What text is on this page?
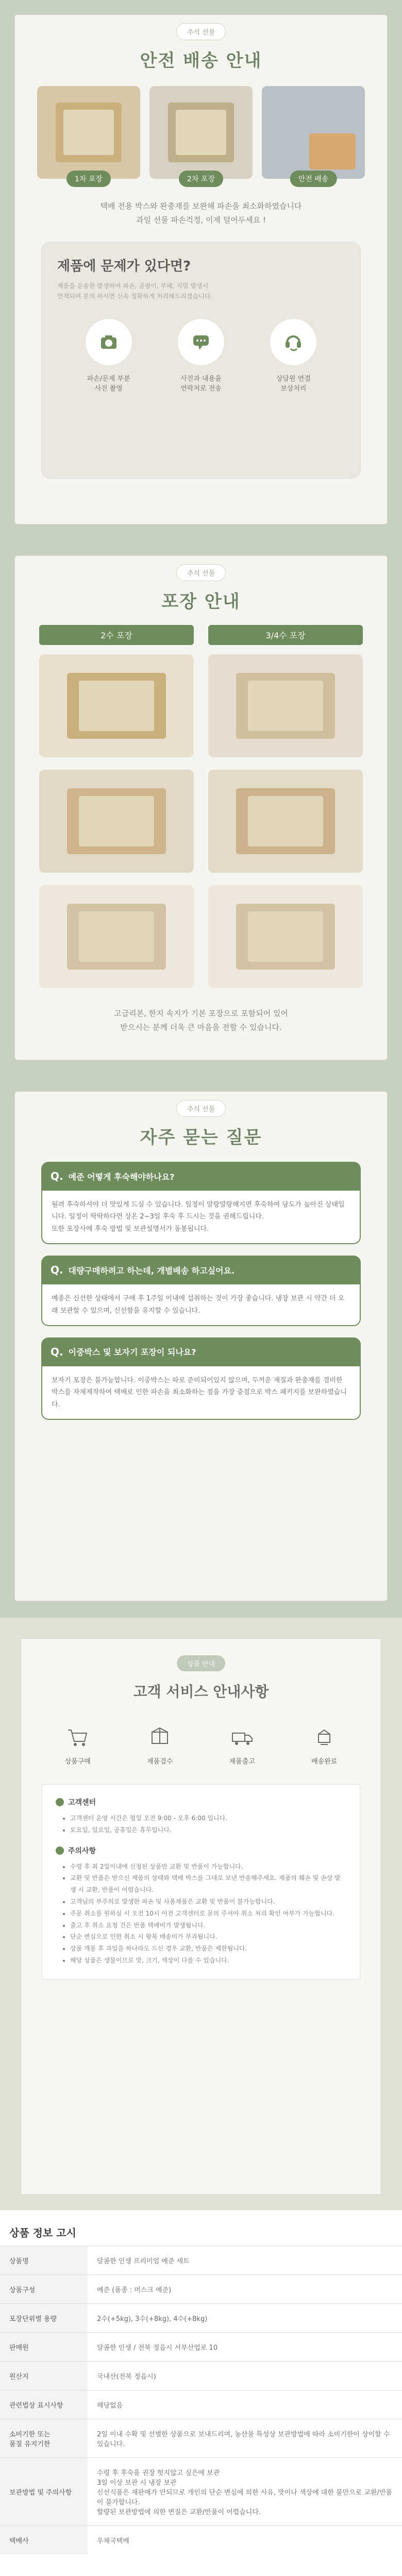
추석 선물
안전 배송 안내
1차 포장	2차 포장	안전 배송
택배 전용 박스와 완충재를 보완해 파손을 최소화하였습니다
과일 선물 파손걱정, 이제 덜어두세요 !
제품에 문제가 있다면?
제품을 운송한 발생하여 파손, 곰팡이, 부패, 지밀 발생시
면책되며 분의 하시면 신속 정확하게 처리해드리겠습니다.
파손/문제 부분
사진 촬영
사진과 내용을
연락처로 전송
상담원 연결
보상처리
추석 선물
포장 안내
2수 포장	3/4수 포장
고급리본, 한지 속지가 기본 포장으로 포함되어 있어
받으시는 분께 더욱 큰 마음을 전할 수 있습니다.
추석 선물
자주 묻는 질문
Q. 예준 어떻게 후숙해야하나요?
될려 후숙하셔야 더 맛있게 드실 수 있습니다. 일정이 말랑말랑해지면 후숙하여 당도가 높아진 상태입니다. 일정이 딱딱하다면 상온 2~3일 후숙 후 드시는 것을 권해드립니다.
또한 포장사에 후숙 방법 및 보관설명서가 동봉됩니다.
Q. 대량구매하려고 하는데, 개별배송 하고싶어요.
예종은 신선한 상태에서 구매 후 1주일 이내에 섭취하는 것이 가장 좋습니다. 냉장 보관 시 약간 더 오래 보관할 수 있으며, 신선함을 유지할 수 있습니다.
Q. 이중박스 및 보자기 포장이 되나요?
보자기 포장은 불가능합니다. 이중박스는 따로 준비되어있지 않으며, 두꺼운 재질과 완충재를 겸비한 박스를 자체제작하여 택배로 인한 파손을 최소화하는 점을 가장 중점으로 박스 패키지를 보완하였습니다.
상품 안내
고객 서비스 안내사항
상품구매	제품검수	제품출고	배송완료
고객센터
• 고객센터 운영 시간은 평일 오전 9:00 - 오후 6:00 입니다.
• 토요일, 일요일, 공휴일은 휴무입니다.
주의사항
• 수령 후 최 2일이내에 신청된 상품만 교환 및 반품이 가능합니다.
• 교환 및 반품은 받으신 제품의 상태와 택배 박스를 그대로 보낸 반송해주세요. 제품의 훼손 및 손상 발생 시 교환, 반품이 어렵습니다.
• 고객님의 부주의로 발생한 파손 및 사용제품은 교환 및 반품이 불가능합니다.
• 주문 취소를 원하실 시 오전 10시 이전 고객센터로 문의 주셔야 취소 처리 확인 여부가 가능합니다.
• 출고 후 취소 요청 건은 반품 택배비가 발생됩니다.
• 단순 변심으로 인한 취소 시 왕복 배송비가 부과됩니다.
• 상품 개봉 후 과일을 하나라도 드신 경우 교환, 반품은 제한됩니다.
• 해당 상품은 생물이므로 맛, 크기, 색상이 다를 수 있습니다.
상품 정보 고시
상품명	달콤한 인생 프리미엄 예준 세트
상품구성	예준 (품종 : 머스크 예준)
포장단위별 용량	2수(+5kg), 3수(+8kg), 4수(+8kg)
판매원	달콤한 인생 / 전북 정읍시 서부산업로 10
원산지	국내산(전북 정읍시)
관련법상 표시사항	해당없음
소비기한 또는
품질 유지기한	2일 이내 수확 및 선별한 상품으로 보내드리며, 농산물 특성상 보관방법에 따라 소비기한이 상이할 수 있습니다.
보관방법 및 주의사항	수령 후 후숙을 권장 헛지않고 싶은에 보관
3일 이상 보관 시 냉장 보관
신선식품은 재판매가 안되므로 개인의 단순 변심에 의한 사유, 맛이나 색상에 대한 불만으로 교환/반품이 불가합니다.
할량된 보관방법에 의한 변질은 교환/반품이 어렵습니다.
택배사	우체국택배
